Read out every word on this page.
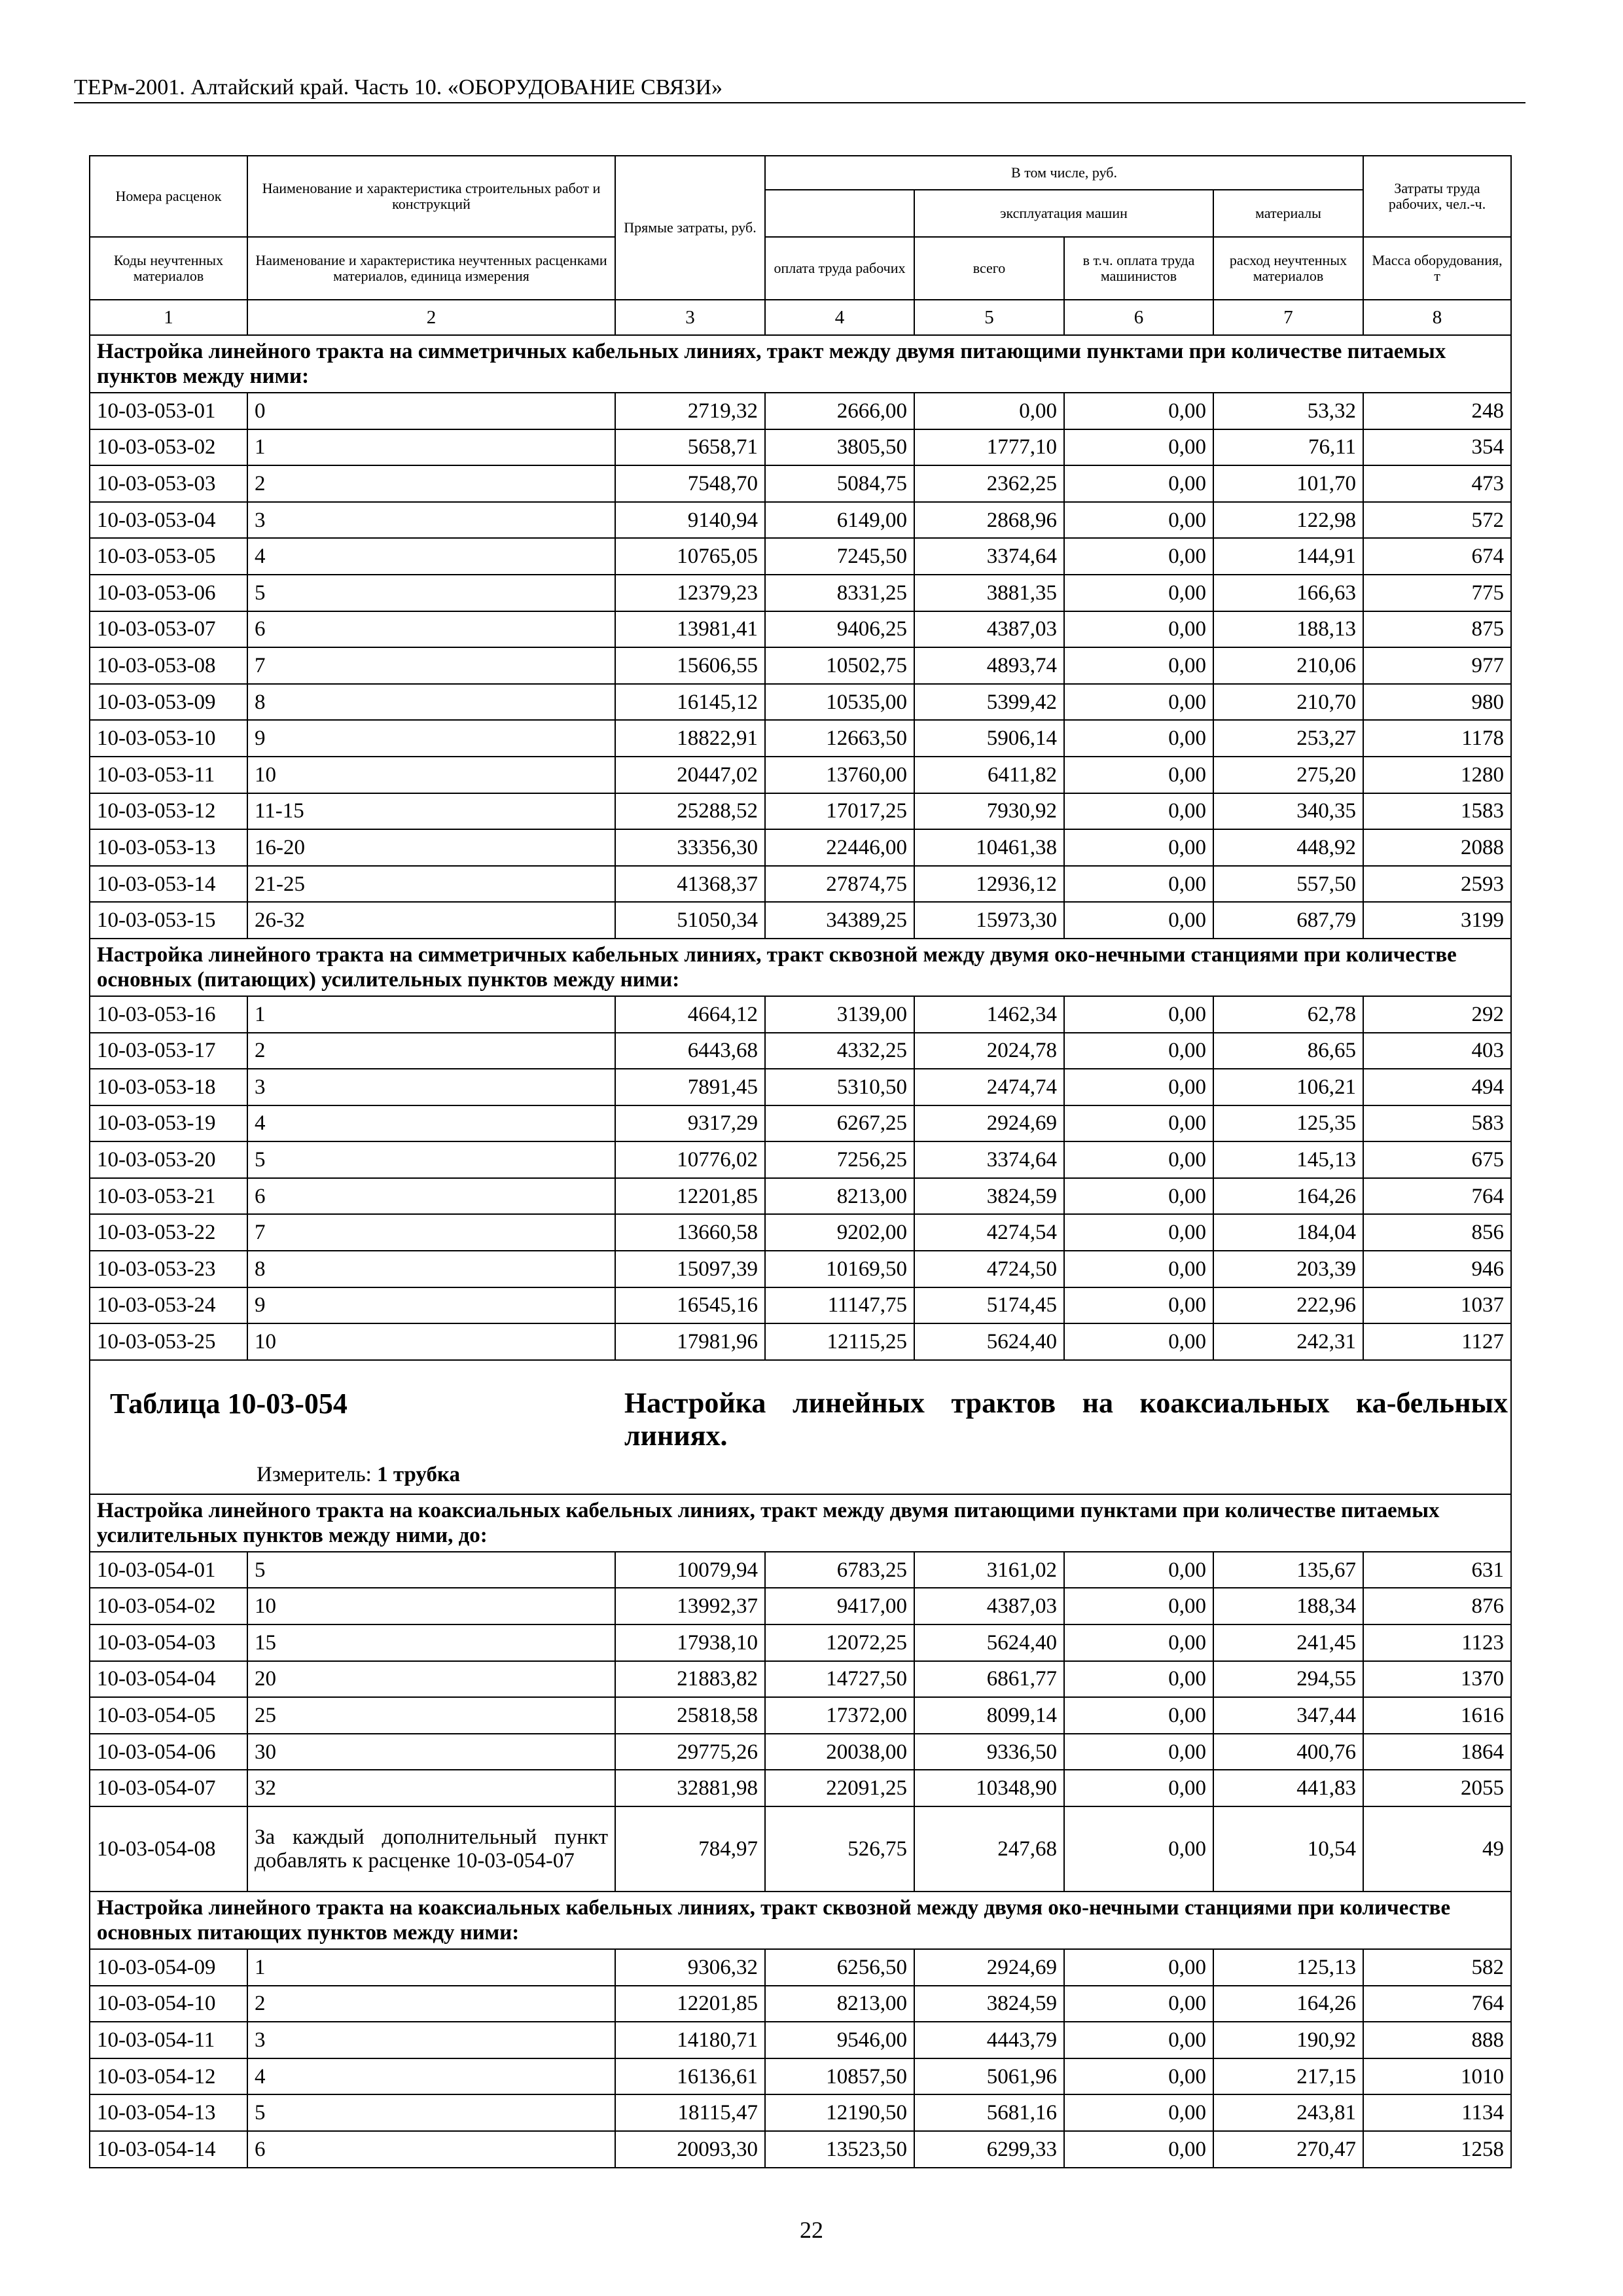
ТЕРм-2001. Алтайский край. Часть 10. «ОБОРУДОВАНИЕ СВЯЗИ»
Номера расценок	Наименование и характеристика строительных работ и конструкций	Прямые затраты, руб.	В том числе, руб.				Затраты труда рабочих, чел.-ч.
				эксплуатация машин		материалы	
Коды неучтенных материалов	Наименование и характеристика неучтенных расценками материалов, единица измерения		оплата труда рабочих	всего	в т.ч. оплата труда машинистов	расход неучтенных материалов	Масса оборудования, т
1	2	3	4	5	6	7	8
Настройка линейного тракта на симметричных кабельных линиях, тракт между двумя питающими пунктами при количестве питаемых пунктов между ними:							
10-03-053-01	0	2719,32	2666,00	0,00	0,00	53,32	248
10-03-053-02	1	5658,71	3805,50	1777,10	0,00	76,11	354
10-03-053-03	2	7548,70	5084,75	2362,25	0,00	101,70	473
10-03-053-04	3	9140,94	6149,00	2868,96	0,00	122,98	572
10-03-053-05	4	10765,05	7245,50	3374,64	0,00	144,91	674
10-03-053-06	5	12379,23	8331,25	3881,35	0,00	166,63	775
10-03-053-07	6	13981,41	9406,25	4387,03	0,00	188,13	875
10-03-053-08	7	15606,55	10502,75	4893,74	0,00	210,06	977
10-03-053-09	8	16145,12	10535,00	5399,42	0,00	210,70	980
10-03-053-10	9	18822,91	12663,50	5906,14	0,00	253,27	1178
10-03-053-11	10	20447,02	13760,00	6411,82	0,00	275,20	1280
10-03-053-12	11-15	25288,52	17017,25	7930,92	0,00	340,35	1583
10-03-053-13	16-20	33356,30	22446,00	10461,38	0,00	448,92	2088
10-03-053-14	21-25	41368,37	27874,75	12936,12	0,00	557,50	2593
10-03-053-15	26-32	51050,34	34389,25	15973,30	0,00	687,79	3199
Настройка линейного тракта на симметричных кабельных линиях, тракт сквозной между двумя око-нечными станциями при количестве основных (питающих) усилительных пунктов между ними:							
10-03-053-16	1	4664,12	3139,00	1462,34	0,00	62,78	292
10-03-053-17	2	6443,68	4332,25	2024,78	0,00	86,65	403
10-03-053-18	3	7891,45	5310,50	2474,74	0,00	106,21	494
10-03-053-19	4	9317,29	6267,25	2924,69	0,00	125,35	583
10-03-053-20	5	10776,02	7256,25	3374,64	0,00	145,13	675
10-03-053-21	6	12201,85	8213,00	3824,59	0,00	164,26	764
10-03-053-22	7	13660,58	9202,00	4274,54	0,00	184,04	856
10-03-053-23	8	15097,39	10169,50	4724,50	0,00	203,39	946
10-03-053-24	9	16545,16	11147,75	5174,45	0,00	222,96	1037
10-03-053-25	10	17981,96	12115,25	5624,40	0,00	242,31	1127

Таблица 10-03-054 Настройка линейных трактов на коаксиальных ка-бельных линиях.
Измеритель: 1 трубка							

Настройка линейного тракта на коаксиальных кабельных линиях, тракт между двумя питающими пунктами при количестве питаемых усилительных пунктов между ними, до:							
10-03-054-01	5	10079,94	6783,25	3161,02	0,00	135,67	631
10-03-054-02	10	13992,37	9417,00	4387,03	0,00	188,34	876
10-03-054-03	15	17938,10	12072,25	5624,40	0,00	241,45	1123
10-03-054-04	20	21883,82	14727,50	6861,77	0,00	294,55	1370
10-03-054-05	25	25818,58	17372,00	8099,14	0,00	347,44	1616
10-03-054-06	30	29775,26	20038,00	9336,50	0,00	400,76	1864
10-03-054-07	32	32881,98	22091,25	10348,90	0,00	441,83	2055
10-03-054-08	За каждый дополнительный пункт добавлять к расценке 10-03-054-07	784,97	526,75	247,68	0,00	10,54	49
Настройка линейного тракта на коаксиальных кабельных линиях, тракт сквозной между двумя око-нечными станциями при количестве основных питающих пунктов между ними:							
10-03-054-09	1	9306,32	6256,50	2924,69	0,00	125,13	582
10-03-054-10	2	12201,85	8213,00	3824,59	0,00	164,26	764
10-03-054-11	3	14180,71	9546,00	4443,79	0,00	190,92	888
10-03-054-12	4	16136,61	10857,50	5061,96	0,00	217,15	1010
10-03-054-13	5	18115,47	12190,50	5681,16	0,00	243,81	1134
10-03-054-14	6	20093,30	13523,50	6299,33	0,00	270,47	1258
22
